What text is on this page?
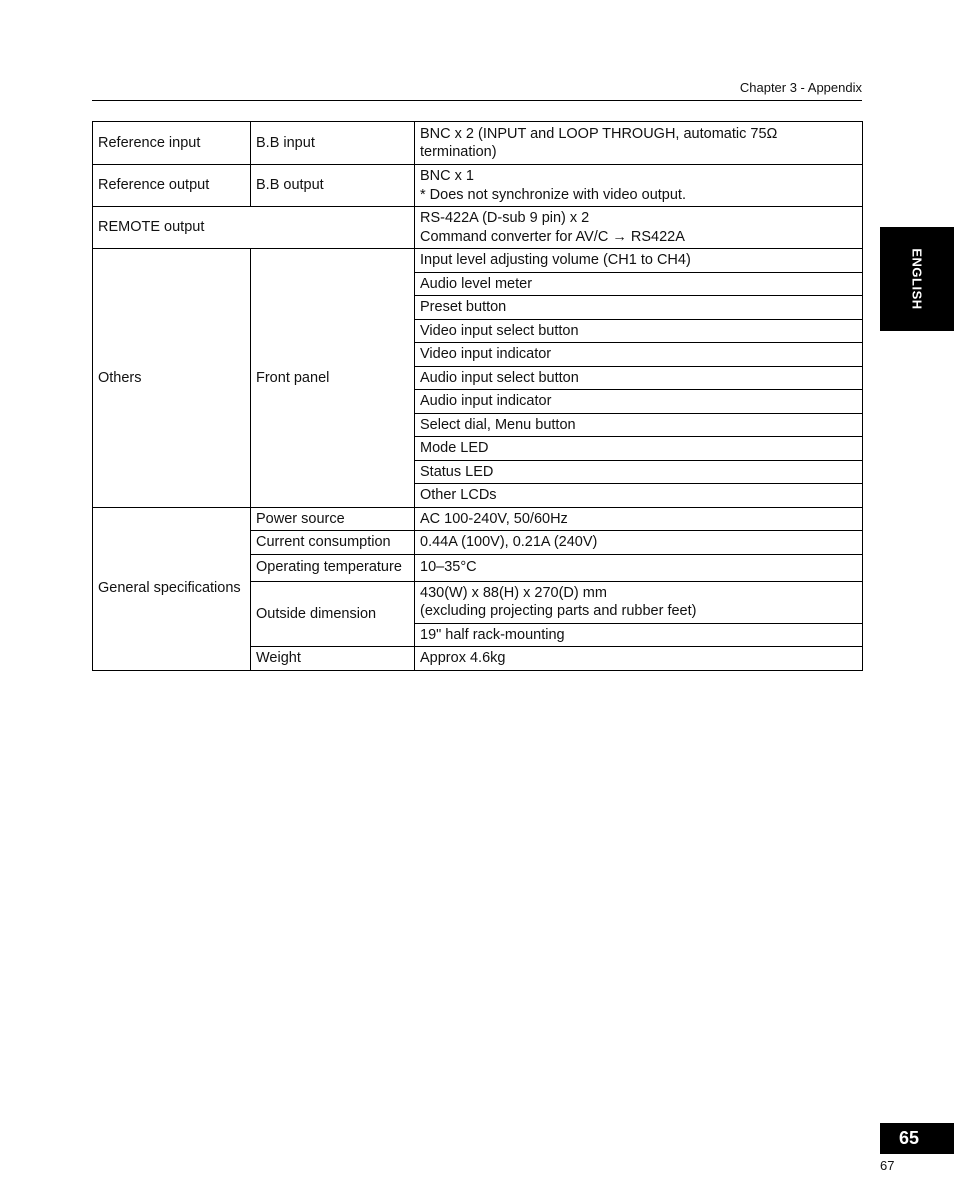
Chapter 3 - Appendix
Reference input	B.B input	BNC x 2 (INPUT and LOOP THROUGH, automatic 75Ω
termination)
Reference output	B.B output	BNC x 1
* Does not synchronize with video output.
REMOTE output		RS-422A (D-sub 9 pin) x 2
Command converter for AV/C → RS422A
Others	Front panel	Input level adjusting volume (CH1 to CH4)
		Audio level meter
		Preset button
		Video input select button
		Video input indicator
		Audio input select button
		Audio input indicator
		Select dial, Menu button
		Mode LED
		Status LED
		Other LCDs
General specifications	Power source	AC 100-240V, 50/60Hz
	Current consumption	0.44A (100V), 0.21A (240V)
	Operating temperature	10–35°C
	Outside dimension	430(W) x 88(H) x 270(D) mm
(excluding projecting parts and rubber feet)
		19" half rack-mounting
	Weight	Approx 4.6kg
ENGLISH
65
67
